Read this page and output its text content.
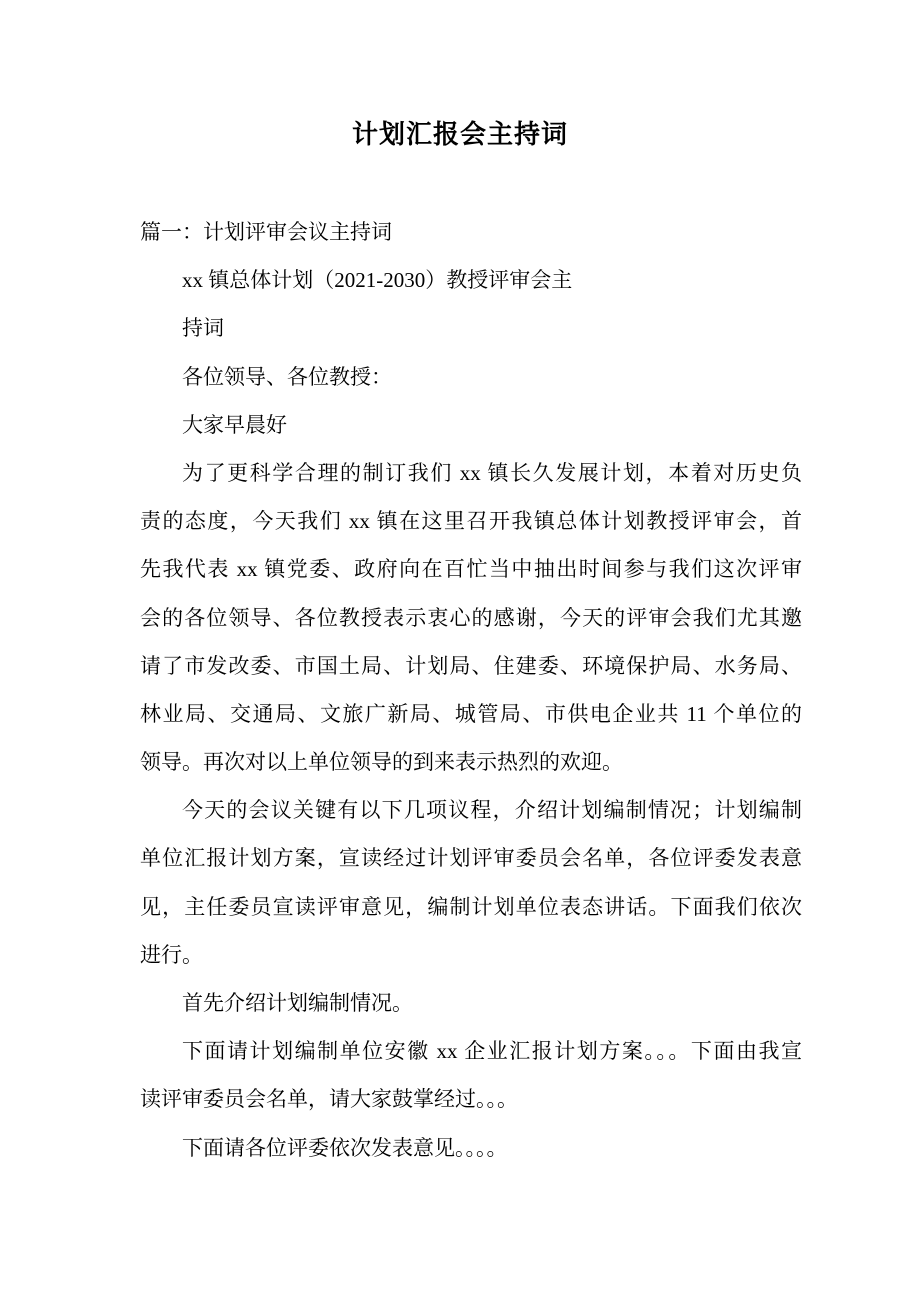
计划汇报会主持词
篇一：计划评审会议主持词
xx 镇总体计划（2021-2030）教授评审会主
持词
各位领导、各位教授：
大家早晨好
为了更科学合理的制订我们 xx 镇长久发展计划，本着对历史负
责的态度，今天我们 xx 镇在这里召开我镇总体计划教授评审会，首
先我代表 xx 镇党委、政府向在百忙当中抽出时间参与我们这次评审
会的各位领导、各位教授表示衷心的感谢，今天的评审会我们尤其邀
请了市发改委、市国土局、计划局、住建委、环境保护局、水务局、
林业局、交通局、文旅广新局、城管局、市供电企业共 11 个单位的
领导。再次对以上单位领导的到来表示热烈的欢迎。
今天的会议关键有以下几项议程，介绍计划编制情况；计划编制
单位汇报计划方案，宣读经过计划评审委员会名单，各位评委发表意
见，主任委员宣读评审意见，编制计划单位表态讲话。下面我们依次
进行。
首先介绍计划编制情况。
下面请计划编制单位安徽 xx 企业汇报计划方案。。。下面由我宣
读评审委员会名单，请大家鼓掌经过。。。
下面请各位评委依次发表意见。。。。
